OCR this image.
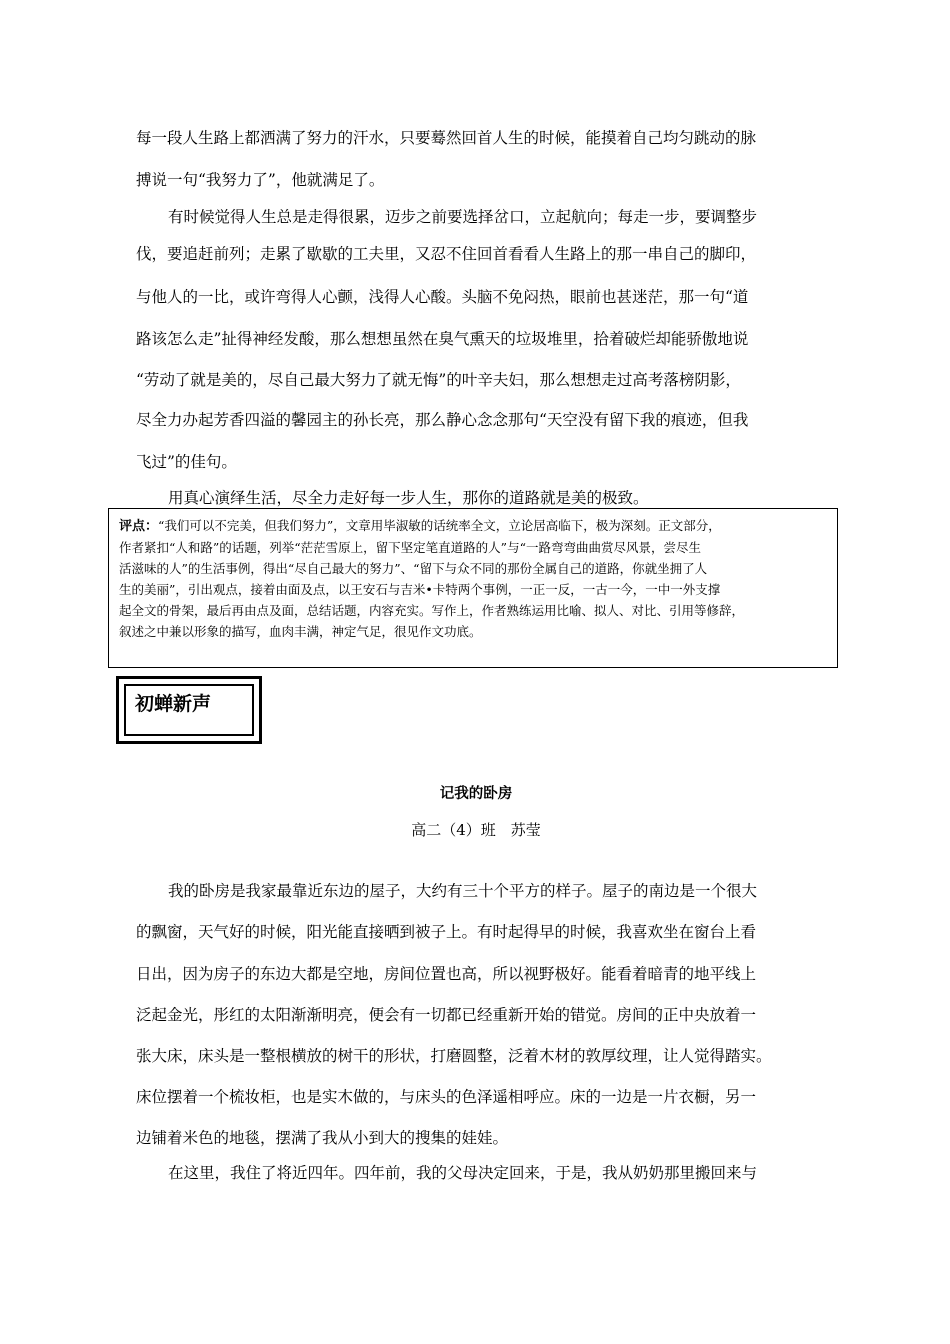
每一段人生路上都洒满了努力的汗水，只要蓦然回首人生的时候，能摸着自己均匀跳动的脉
搏说一句“我努力了”，他就满足了。
有时候觉得人生总是走得很累，迈步之前要选择岔口，立起航向；每走一步，要调整步
伐，要追赶前列；走累了歇歇的工夫里，又忍不住回首看看人生路上的那一串自己的脚印，
与他人的一比，或许弯得人心颤，浅得人心酸。头脑不免闷热，眼前也甚迷茫，那一句“道
路该怎么走”扯得神经发酸，那么想想虽然在臭气熏天的垃圾堆里，拾着破烂却能骄傲地说
“劳动了就是美的，尽自己最大努力了就无悔”的叶辛夫妇，那么想想走过高考落榜阴影，
尽全力办起芳香四溢的馨园主的孙长亮，那么静心念念那句“天空没有留下我的痕迹，但我
飞过”的佳句。
用真心演绎生活，尽全力走好每一步人生，那你的道路就是美的极致。
评点：“我们可以不完美，但我们努力”，文章用毕淑敏的话统率全文，立论居高临下，极为深刻。正文部分，
作者紧扣“人和路”的话题，列举“茫茫雪原上，留下坚定笔直道路的人”与“一路弯弯曲曲赏尽风景，尝尽生
活滋味的人”的生活事例，得出“尽自己最大的努力”、“留下与众不同的那份全属自己的道路，你就坐拥了人
生的美丽”，引出观点，接着由面及点，以王安石与吉米•卡特两个事例，一正一反，一古一今，一中一外支撑
起全文的骨架，最后再由点及面，总结话题，内容充实。写作上，作者熟练运用比喻、拟人、对比、引用等修辞，
叙述之中兼以形象的描写，血肉丰满，神定气足，很见作文功底。
初蝉新声
记我的卧房
高二（4）班　苏莹
我的卧房是我家最靠近东边的屋子，大约有三十个平方的样子。屋子的南边是一个很大
的飘窗，天气好的时候，阳光能直接晒到被子上。有时起得早的时候，我喜欢坐在窗台上看
日出，因为房子的东边大都是空地，房间位置也高，所以视野极好。能看着暗青的地平线上
泛起金光，彤红的太阳渐渐明亮，便会有一切都已经重新开始的错觉。房间的正中央放着一
张大床，床头是一整根横放的树干的形状，打磨圆整，泛着木材的敦厚纹理，让人觉得踏实。
床位摆着一个梳妆柜，也是实木做的，与床头的色泽遥相呼应。床的一边是一片衣橱，另一
边铺着米色的地毯，摆满了我从小到大的搜集的娃娃。
在这里，我住了将近四年。四年前，我的父母决定回来，于是，我从奶奶那里搬回来与
